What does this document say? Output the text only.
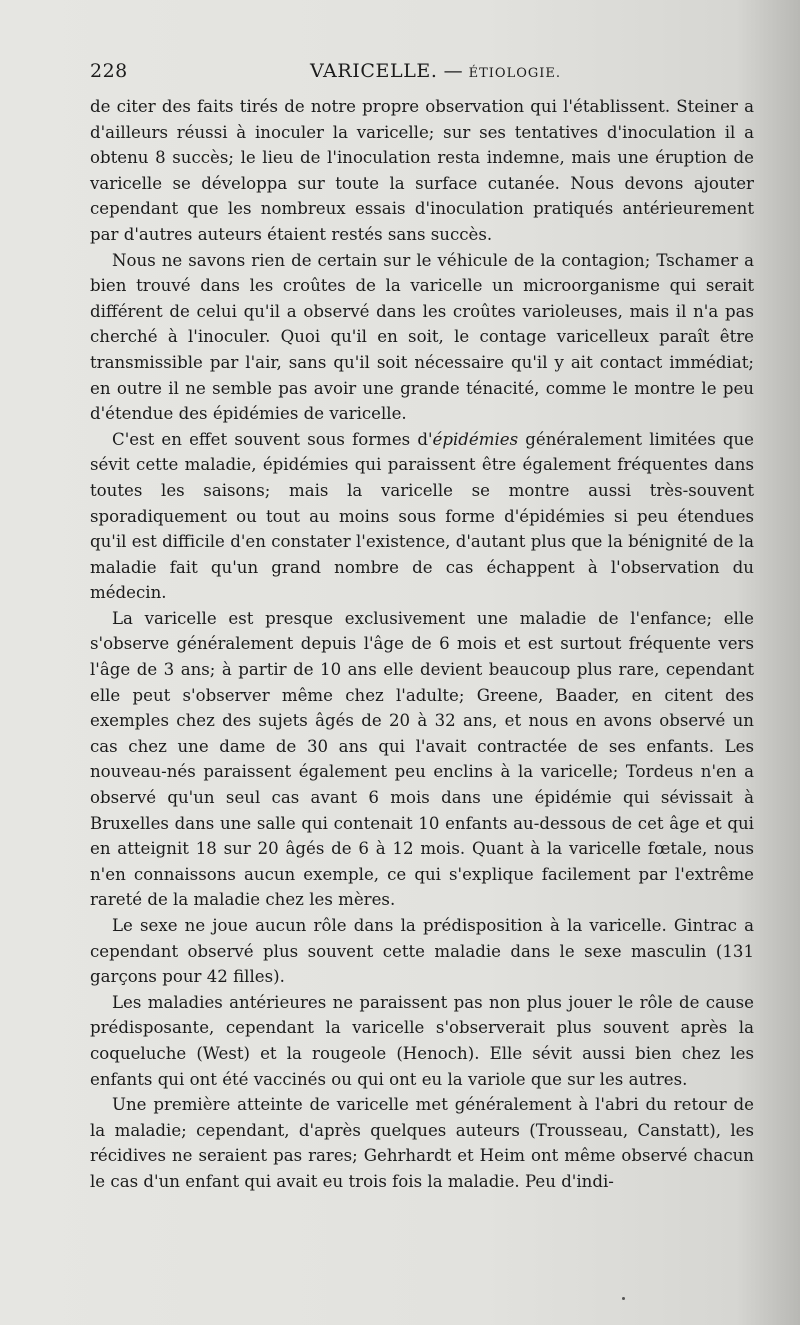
228	VARICELLE. — ÉTIOLOGIE.

de citer des faits tirés de notre propre observation qui l'établissent. Steiner a d'ailleurs réussi à inoculer la varicelle; sur ses tentatives d'inoculation il a obtenu 8 succès; le lieu de l'inoculation resta indemne, mais une éruption de varicelle se développa sur toute la surface cutanée. Nous devons ajouter cependant que les nombreux essais d'inoculation pratiqués antérieurement par d'autres auteurs étaient restés sans succès.

Nous ne savons rien de certain sur le véhicule de la contagion; Tschamer a bien trouvé dans les croûtes de la varicelle un microorganisme qui serait différent de celui qu'il a observé dans les croûtes varioleuses, mais il n'a pas cherché à l'inoculer. Quoi qu'il en soit, le contage varicelleux paraît être transmissible par l'air, sans qu'il soit nécessaire qu'il y ait contact immédiat; en outre il ne semble pas avoir une grande ténacité, comme le montre le peu d'étendue des épidémies de varicelle.

C'est en effet souvent sous formes d'épidémies généralement limitées que sévit cette maladie, épidémies qui paraissent être également fréquentes dans toutes les saisons; mais la varicelle se montre aussi très-souvent sporadiquement ou tout au moins sous forme d'épidémies si peu étendues qu'il est difficile d'en constater l'existence, d'autant plus que la bénignité de la maladie fait qu'un grand nombre de cas échappent à l'observation du médecin.

La varicelle est presque exclusivement une maladie de l'enfance; elle s'observe généralement depuis l'âge de 6 mois et est surtout fréquente vers l'âge de 3 ans; à partir de 10 ans elle devient beaucoup plus rare, cependant elle peut s'observer même chez l'adulte; Greene, Baader, en citent des exemples chez des sujets âgés de 20 à 32 ans, et nous en avons observé un cas chez une dame de 30 ans qui l'avait contractée de ses enfants. Les nouveau-nés paraissent également peu enclins à la varicelle; Tordeus n'en a observé qu'un seul cas avant 6 mois dans une épidémie qui sévissait à Bruxelles dans une salle qui contenait 10 enfants au-dessous de cet âge et qui en atteignit 18 sur 20 âgés de 6 à 12 mois. Quant à la varicelle fœtale, nous n'en connaissons aucun exemple, ce qui s'explique facilement par l'extrême rareté de la maladie chez les mères.

Le sexe ne joue aucun rôle dans la prédisposition à la varicelle. Gintrac a cependant observé plus souvent cette maladie dans le sexe masculin (131 garçons pour 42 filles).

Les maladies antérieures ne paraissent pas non plus jouer le rôle de cause prédisposante, cependant la varicelle s'observerait plus souvent après la coqueluche (West) et la rougeole (Henoch). Elle sévit aussi bien chez les enfants qui ont été vaccinés ou qui ont eu la variole que sur les autres.

Une première atteinte de varicelle met généralement à l'abri du retour de la maladie; cependant, d'après quelques auteurs (Trousseau, Canstatt), les récidives ne seraient pas rares; Gehrhardt et Heim ont même observé chacun le cas d'un enfant qui avait eu trois fois la maladie. Peu d'indi-
